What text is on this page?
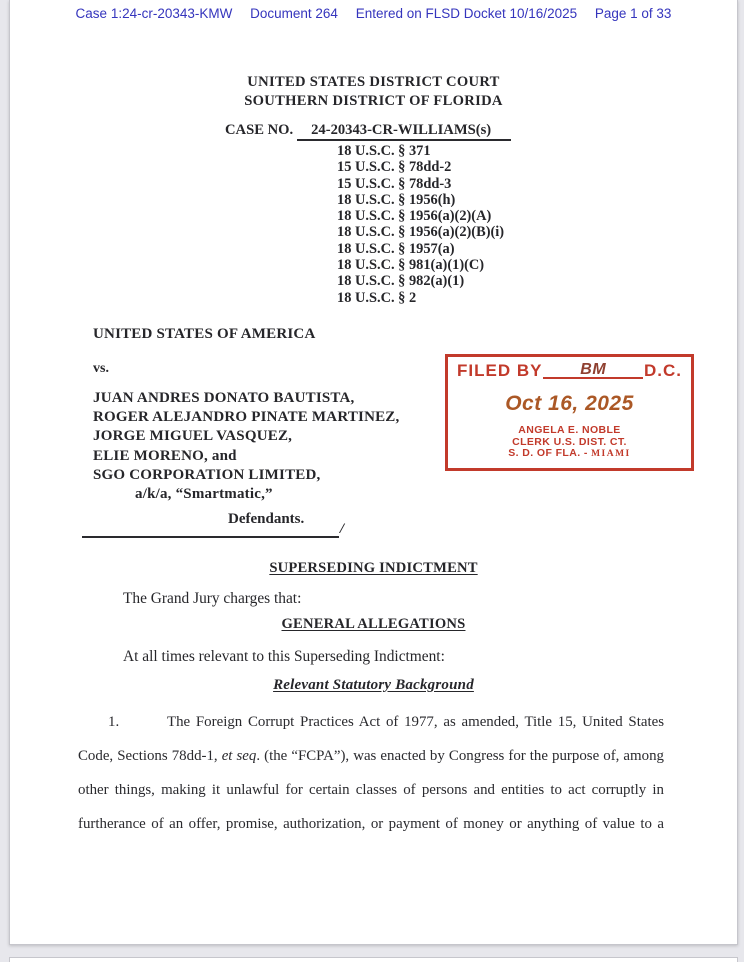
Case 1:24-cr-20343-KMW Document 264 Entered on FLSD Docket 10/16/2025 Page 1 of 33
UNITED STATES DISTRICT COURT
SOUTHERN DISTRICT OF FLORIDA
CASE NO. 24-20343-CR-WILLIAMS(s)
18 U.S.C. § 371
15 U.S.C. § 78dd-2
15 U.S.C. § 78dd-3
18 U.S.C. § 1956(h)
18 U.S.C. § 1956(a)(2)(A)
18 U.S.C. § 1956(a)(2)(B)(i)
18 U.S.C. § 1957(a)
18 U.S.C. § 981(a)(1)(C)
18 U.S.C. § 982(a)(1)
18 U.S.C. § 2
UNITED STATES OF AMERICA
vs.
JUAN ANDRES DONATO BAUTISTA,
ROGER ALEJANDRO PINATE MARTINEZ,
JORGE MIGUEL VASQUEZ,
ELIE MORENO, and
SGO CORPORATION LIMITED,
a/k/a, “Smartmatic,”
Defendants.
/
FILED BY BM D.C.
Oct 16, 2025
ANGELA E. NOBLE
CLERK U.S. DIST. CT.
S. D. OF FLA. - MIAMI
SUPERSEDING INDICTMENT
The Grand Jury charges that:
GENERAL ALLEGATIONS
At all times relevant to this Superseding Indictment:
Relevant Statutory Background
1.	The Foreign Corrupt Practices Act of 1977, as amended, Title 15, United States
Code, Sections 78dd-1, et seq. (the “FCPA”), was enacted by Congress for the purpose of, among
other things, making it unlawful for certain classes of persons and entities to act corruptly in
furtherance of an offer, promise, authorization, or payment of money or anything of value to a
